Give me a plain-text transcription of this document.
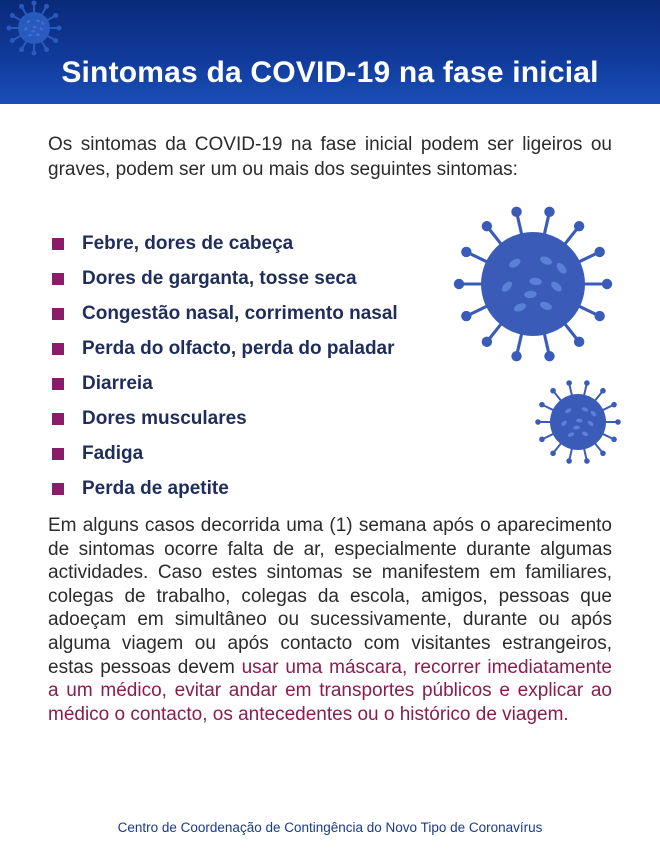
Sintomas da COVID-19 na fase inicial

Os sintomas da COVID-19 na fase inicial podem ser ligeiros ou graves, podem ser um ou mais dos seguintes sintomas:

Febre, dores de cabeça
Dores de garganta, tosse seca
Congestão nasal, corrimento nasal
Perda do olfacto, perda do paladar
Diarreia
Dores musculares
Fadiga
Perda de apetite

Em alguns casos decorrida uma (1) semana após o aparecimento de sintomas ocorre falta de ar, especialmente durante algumas actividades. Caso estes sintomas se manifestem em familiares, colegas de trabalho, colegas da escola, amigos, pessoas que adoeçam em simultâneo ou sucessivamente, durante ou após alguma viagem ou após contacto com visitantes estrangeiros, estas pessoas devem usar uma máscara, recorrer imediatamente a um médico, evitar andar em transportes públicos e explicar ao médico o contacto, os antecedentes ou o histórico de viagem.

Centro de Coordenação de Contingência do Novo Tipo de Coronavírus
